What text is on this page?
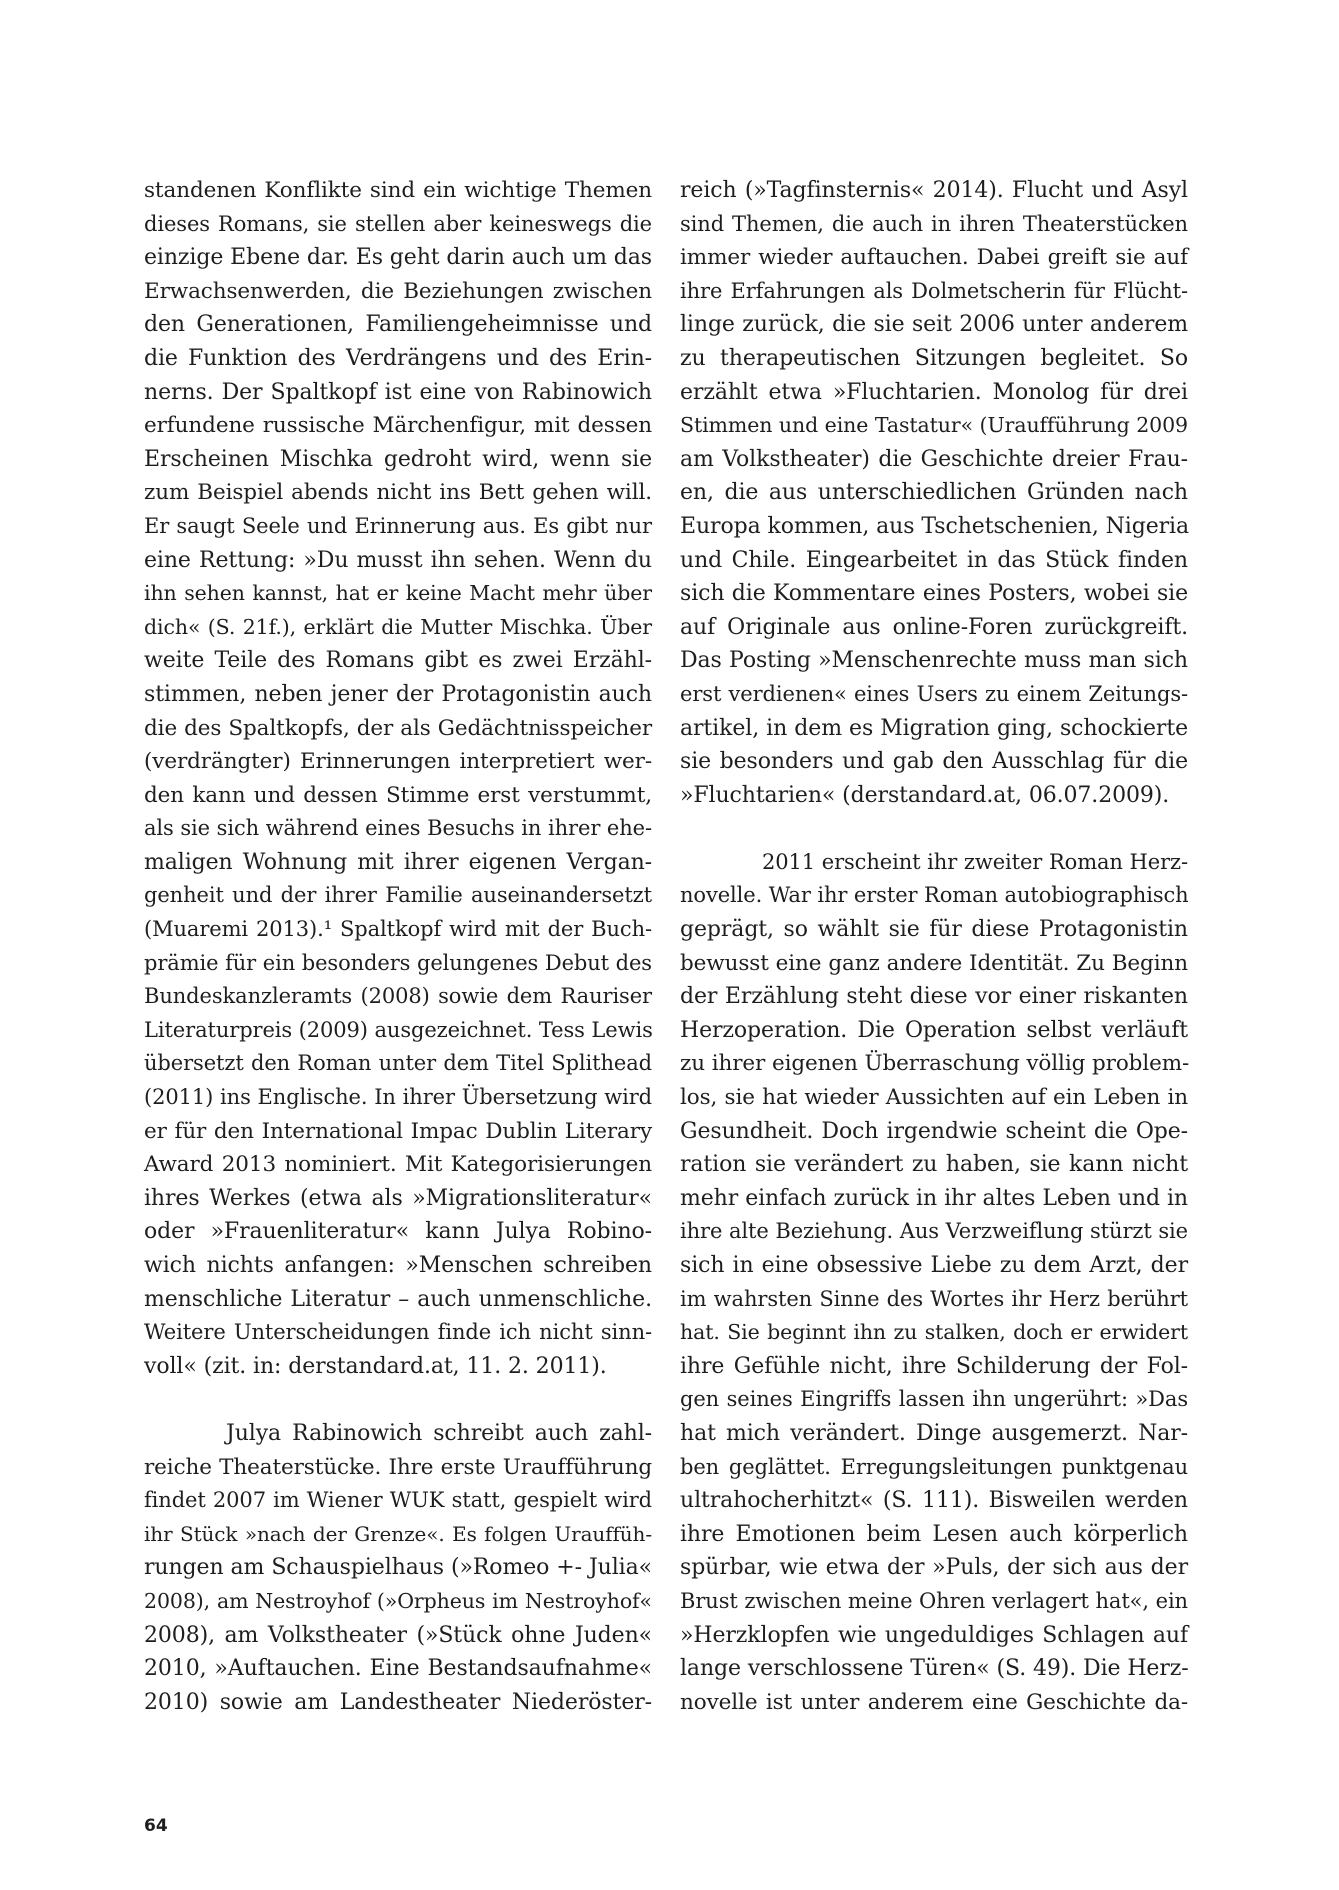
standenen Konflikte sind ein wichtige Themen
dieses Romans, sie stellen aber keineswegs die
einzige Ebene dar. Es geht darin auch um das
Erwachsenwerden, die Beziehungen zwischen
den Generationen, Familiengeheimnisse und
die Funktion des Verdrängens und des Erin-
nerns. Der Spaltkopf ist eine von Rabinowich
erfundene russische Märchenfigur, mit dessen
Erscheinen Mischka gedroht wird, wenn sie
zum Beispiel abends nicht ins Bett gehen will.
Er saugt Seele und Erinnerung aus. Es gibt nur
eine Rettung: »Du musst ihn sehen. Wenn du
ihn sehen kannst, hat er keine Macht mehr über
dich« (S. 21f.), erklärt die Mutter Mischka. Über
weite Teile des Romans gibt es zwei Erzähl-
stimmen, neben jener der Protagonistin auch
die des Spaltkopfs, der als Gedächtnisspeicher
(verdrängter) Erinnerungen interpretiert wer-
den kann und dessen Stimme erst verstummt,
als sie sich während eines Besuchs in ihrer ehe-
maligen Wohnung mit ihrer eigenen Vergan-
genheit und der ihrer Familie auseinandersetzt
(Muaremi 2013).¹ Spaltkopf wird mit der Buch-
prämie für ein besonders gelungenes Debut des
Bundeskanzleramts (2008) sowie dem Rauriser
Literaturpreis (2009) ausgezeichnet. Tess Lewis
übersetzt den Roman unter dem Titel Splithead
(2011) ins Englische. In ihrer Übersetzung wird
er für den International Impac Dublin Literary
Award 2013 nominiert. Mit Kategorisierungen
ihres Werkes (etwa als »Migrationsliteratur«
oder »Frauenliteratur« kann Julya Robino-
wich nichts anfangen: »Menschen schreiben
menschliche Literatur – auch unmenschliche.
Weitere Unterscheidungen finde ich nicht sinn-
voll« (zit. in: derstandard.at, 11. 2. 2011).
Julya Rabinowich schreibt auch zahl-
reiche Theaterstücke. Ihre erste Uraufführung
findet 2007 im Wiener WUK statt, gespielt wird
ihr Stück »nach der Grenze«. Es folgen Urauffüh-
rungen am Schauspielhaus (»Romeo +- Julia«
2008), am Nestroyhof (»Orpheus im Nestroyhof«
2008), am Volkstheater (»Stück ohne Juden«
2010, »Auftauchen. Eine Bestandsaufnahme«
2010) sowie am Landestheater Niederöster-
reich (»Tagfinsternis« 2014). Flucht und Asyl
sind Themen, die auch in ihren Theaterstücken
immer wieder auftauchen. Dabei greift sie auf
ihre Erfahrungen als Dolmetscherin für Flücht-
linge zurück, die sie seit 2006 unter anderem
zu therapeutischen Sitzungen begleitet. So
erzählt etwa »Fluchtarien. Monolog für drei
Stimmen und eine Tastatur« (Uraufführung 2009
am Volkstheater) die Geschichte dreier Frau-
en, die aus unterschiedlichen Gründen nach
Europa kommen, aus Tschetschenien, Nigeria
und Chile. Eingearbeitet in das Stück finden
sich die Kommentare eines Posters, wobei sie
auf Originale aus online-Foren zurückgreift.
Das Posting »Menschenrechte muss man sich
erst verdienen« eines Users zu einem Zeitungs-
artikel, in dem es Migration ging, schockierte
sie besonders und gab den Ausschlag für die
»Fluchtarien« (derstandard.at, 06.07.2009).
2011 erscheint ihr zweiter Roman Herz-
novelle. War ihr erster Roman autobiographisch
geprägt, so wählt sie für diese Protagonistin
bewusst eine ganz andere Identität. Zu Beginn
der Erzählung steht diese vor einer riskanten
Herzoperation. Die Operation selbst verläuft
zu ihrer eigenen Überraschung völlig problem-
los, sie hat wieder Aussichten auf ein Leben in
Gesundheit. Doch irgendwie scheint die Ope-
ration sie verändert zu haben, sie kann nicht
mehr einfach zurück in ihr altes Leben und in
ihre alte Beziehung. Aus Verzweiflung stürzt sie
sich in eine obsessive Liebe zu dem Arzt, der
im wahrsten Sinne des Wortes ihr Herz berührt
hat. Sie beginnt ihn zu stalken, doch er erwidert
ihre Gefühle nicht, ihre Schilderung der Fol-
gen seines Eingriffs lassen ihn ungerührt: »Das
hat mich verändert. Dinge ausgemerzt. Nar-
ben geglättet. Erregungsleitungen punktgenau
ultrahocherhitzt« (S. 111). Bisweilen werden
ihre Emotionen beim Lesen auch körperlich
spürbar, wie etwa der »Puls, der sich aus der
Brust zwischen meine Ohren verlagert hat«, ein
»Herzklopfen wie ungeduldiges Schlagen auf
lange verschlossene Türen« (S. 49). Die Herz-
novelle ist unter anderem eine Geschichte da-
64
